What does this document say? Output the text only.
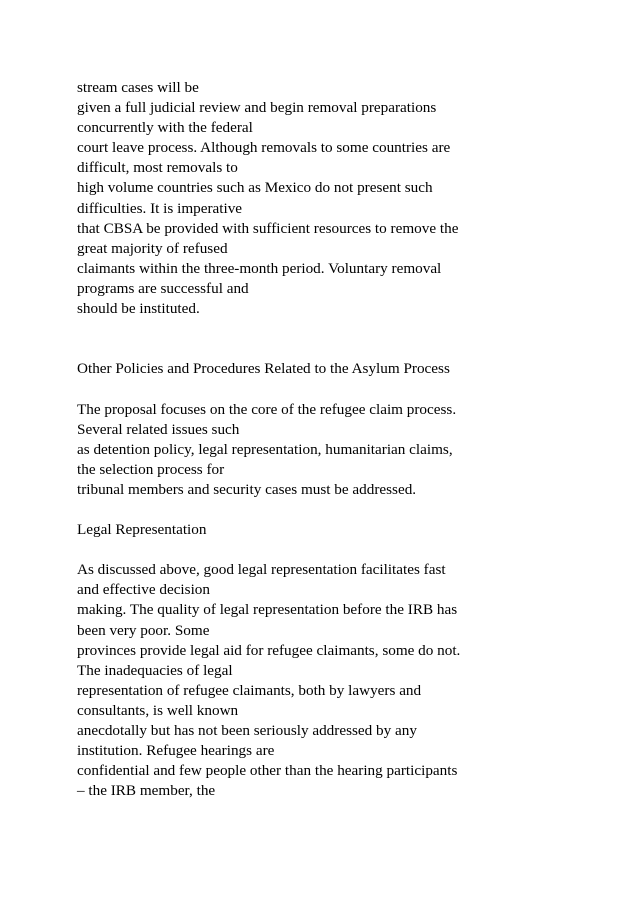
stream cases will be
given a full judicial review and begin removal preparations
concurrently with the federal
court leave process. Although removals to some countries are
difficult, most removals to
high volume countries such as Mexico do not present such
difficulties. It is imperative
that CBSA be provided with sufficient resources to remove the
great majority of refused
claimants within the three-month period. Voluntary removal
programs are successful and
should be instituted.
Other Policies and Procedures Related to the Asylum Process
The proposal focuses on the core of the refugee claim process.
Several related issues such
as detention policy, legal representation, humanitarian claims,
the selection process for
tribunal members and security cases must be addressed.
Legal Representation
As discussed above, good legal representation facilitates fast
and effective decision
making. The quality of legal representation before the IRB has
been very poor. Some
provinces provide legal aid for refugee claimants, some do not.
The inadequacies of legal
representation of refugee claimants, both by lawyers and
consultants, is well known
anecdotally but has not been seriously addressed by any
institution. Refugee hearings are
confidential and few people other than the hearing participants
– the IRB member, the
